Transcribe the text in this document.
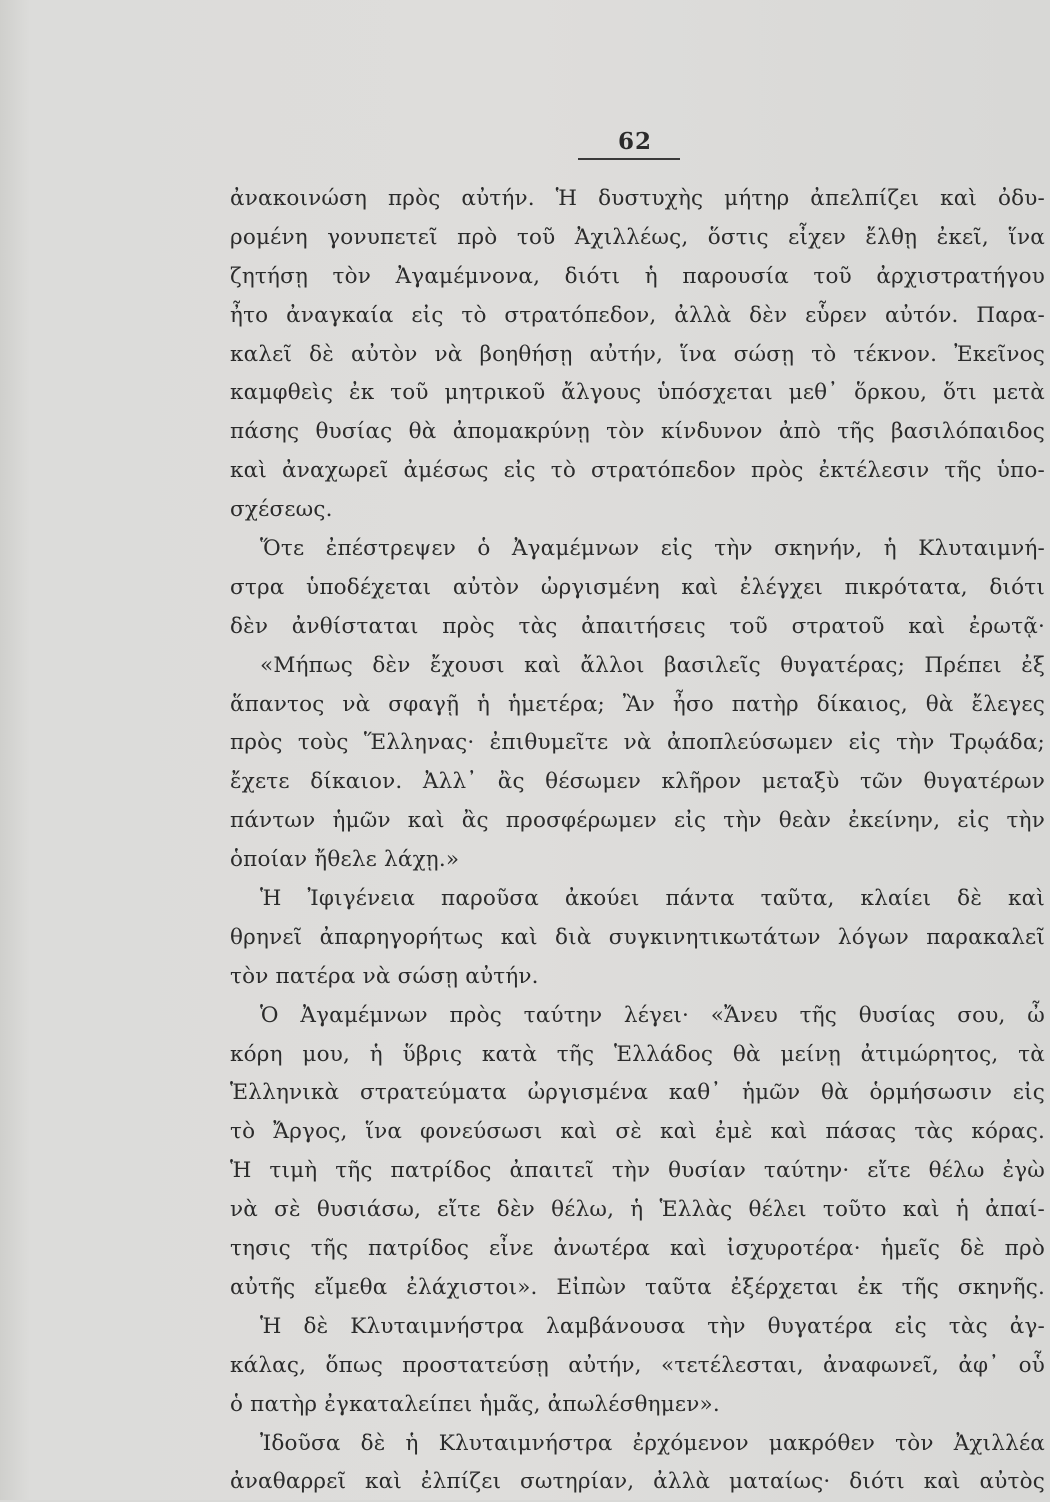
62
ἀνακοινώση πρὸς αὐτήν. Ἡ δυστυχὴς μήτηρ ἀπελπίζει καὶ ὀδυ-
ρομένη γονυπετεῖ πρὸ τοῦ Ἀχιλλέως, ὅστις εἶχεν ἔλθῃ ἐκεῖ, ἵνα
ζητήσῃ τὸν Ἀγαμέμνονα, διότι ἡ παρουσία τοῦ ἀρχιστρατήγου
ἦτο ἀναγκαία εἰς τὸ στρατόπεδον, ἀλλὰ δὲν εὗρεν αὐτόν. Παρα-
καλεῖ δὲ αὐτὸν νὰ βοηθήσῃ αὐτήν, ἵνα σώσῃ τὸ τέκνον. Ἐκεῖνος
καμφθεὶς ἐκ τοῦ μητρικοῦ ἄλγους ὑπόσχεται μεθ᾽ ὅρκου, ὅτι μετὰ
πάσης θυσίας θὰ ἀπομακρύνῃ τὸν κίνδυνον ἀπὸ τῆς βασιλόπαιδος
καὶ ἀναχωρεῖ ἀμέσως εἰς τὸ στρατόπεδον πρὸς ἐκτέλεσιν τῆς ὑπο-
σχέσεως.
Ὅτε ἐπέστρεψεν ὁ Ἀγαμέμνων εἰς τὴν σκηνήν, ἡ Κλυταιμνή-
στρα ὑποδέχεται αὐτὸν ὠργισμένη καὶ ἐλέγχει πικρότατα, διότι
δὲν ἀνθίσταται πρὸς τὰς ἀπαιτήσεις τοῦ στρατοῦ καὶ ἐρωτᾷ·
«Μήπως δὲν ἔχουσι καὶ ἄλλοι βασιλεῖς θυγατέρας; Πρέπει ἐξ
ἅπαντος νὰ σφαγῇ ἡ ἡμετέρα; Ἂν ἦσο πατὴρ δίκαιος, θὰ ἔλεγες
πρὸς τοὺς Ἕλληνας· ἐπιθυμεῖτε νὰ ἀποπλεύσωμεν εἰς τὴν Τρῳάδα;
ἔχετε δίκαιον. Ἀλλ᾽ ἂς θέσωμεν κλῆρον μεταξὺ τῶν θυγατέρων
πάντων ἡμῶν καὶ ἂς προσφέρωμεν εἰς τὴν θεὰν ἐκείνην, εἰς τὴν
ὁποίαν ἤθελε λάχῃ.»
Ἡ Ἰφιγένεια παροῦσα ἀκούει πάντα ταῦτα, κλαίει δὲ καὶ
θρηνεῖ ἀπαρηγορήτως καὶ διὰ συγκινητικωτάτων λόγων παρακαλεῖ
τὸν πατέρα νὰ σώσῃ αὐτήν.
Ὁ Ἀγαμέμνων πρὸς ταύτην λέγει· «Ἄνευ τῆς θυσίας σου, ὦ
κόρη μου, ἡ ὕβρις κατὰ τῆς Ἑλλάδος θὰ μείνῃ ἀτιμώρητος, τὰ
Ἑλληνικὰ στρατεύματα ὠργισμένα καθ᾽ ἡμῶν θὰ ὁρμήσωσιν εἰς
τὸ Ἄργος, ἵνα φονεύσωσι καὶ σὲ καὶ ἐμὲ καὶ πάσας τὰς κόρας.
Ἡ τιμὴ τῆς πατρίδος ἀπαιτεῖ τὴν θυσίαν ταύτην· εἴτε θέλω ἐγὼ
νὰ σὲ θυσιάσω, εἴτε δὲν θέλω, ἡ Ἑλλὰς θέλει τοῦτο καὶ ἡ ἀπαί-
τησις τῆς πατρίδος εἶνε ἀνωτέρα καὶ ἰσχυροτέρα· ἡμεῖς δὲ πρὸ
αὐτῆς εἴμεθα ἐλάχιστοι». Εἰπὼν ταῦτα ἐξέρχεται ἐκ τῆς σκηνῆς.
Ἡ δὲ Κλυταιμνήστρα λαμβάνουσα τὴν θυγατέρα εἰς τὰς ἀγ-
κάλας, ὅπως προστατεύσῃ αὐτήν, «τετέλεσται, ἀναφωνεῖ, ἀφ᾽ οὗ
ὁ πατὴρ ἐγκαταλείπει ἡμᾶς, ἀπωλέσθημεν».
Ἰδοῦσα δὲ ἡ Κλυταιμνήστρα ἐρχόμενον μακρόθεν τὸν Ἀχιλλέα
ἀναθαρρεῖ καὶ ἐλπίζει σωτηρίαν, ἀλλὰ ματαίως· διότι καὶ αὐτὸς
